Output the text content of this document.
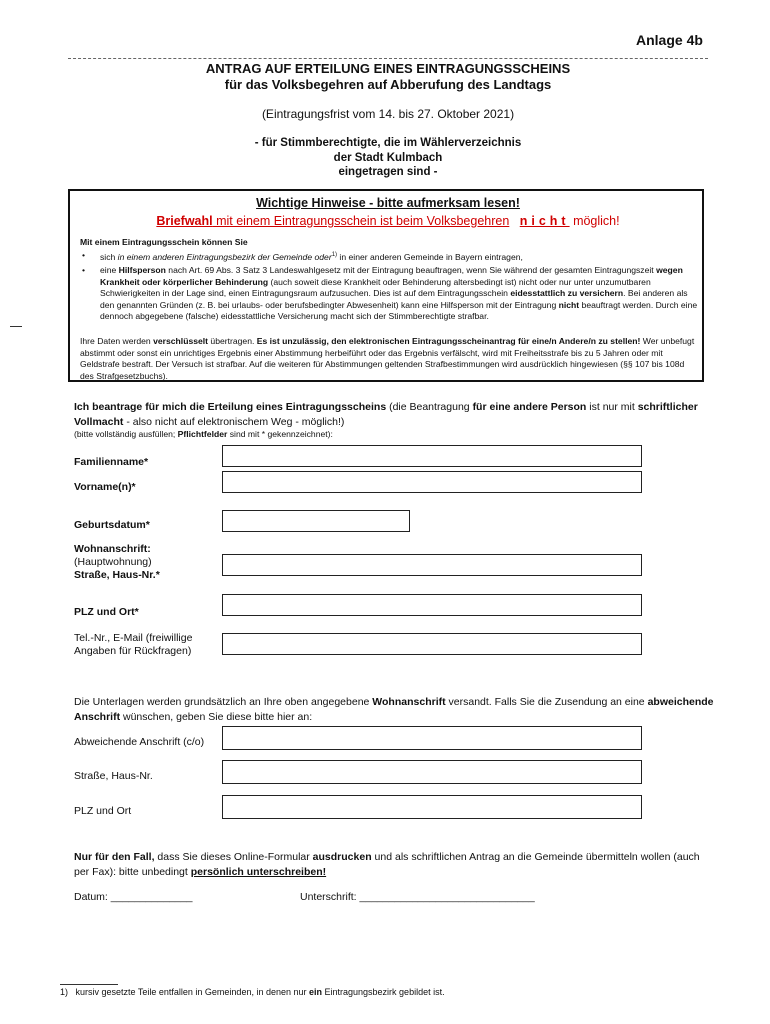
Anlage 4b
ANTRAG AUF ERTEILUNG EINES EINTRAGUNGSSCHEINS
für das Volksbegehren auf Abberufung des Landtags
(Eintragungsfrist vom 14. bis 27. Oktober 2021)
- für Stimmberechtigte, die im Wählerverzeichnis
der Stadt Kulmbach
eingetragen sind -
Wichtige Hinweise - bitte aufmerksam lesen!
Briefwahl mit einem Eintragungsschein ist beim Volksbegehren nicht möglich!
Mit einem Eintragungsschein können Sie
• sich in einem anderen Eintragungsbezirk der Gemeinde oder$^{1)}$ in einer anderen Gemeinde in Bayern eintragen,
• eine Hilfsperson nach Art. 69 Abs. 3 Satz 3 Landeswahlgesetz mit der Eintragung beauftragen, wenn Sie während der gesamten Eintragungszeit wegen Krankheit oder körperlicher Behinderung (auch soweit diese Krankheit oder Behinderung altersbedingt ist) nicht oder nur unter unzumutbaren Schwierigkeiten in der Lage sind, einen Eintragungsraum aufzusuchen. Dies ist auf dem Eintragungsschein eidesstattlich zu versichern. Bei anderen als den genannten Gründen (z. B. bei urlaubs- oder berufsbedingter Abwesenheit) kann eine Hilfsperson mit der Eintragung nicht beauftragt werden. Durch eine dennoch abgegebene (falsche) eidesstattliche Versicherung macht sich der Stimmberechtigte strafbar.
Ihre Daten werden verschlüsselt übertragen. Es ist unzulässig, den elektronischen Eintragungsscheinantrag für eine/n Andere/n zu stellen! Wer unbefugt abstimmt oder sonst ein unrichtiges Ergebnis einer Abstimmung herbeiführt oder das Ergebnis verfälscht, wird mit Freiheitsstrafe bis zu 5 Jahren oder mit Geldstrafe bestraft. Der Versuch ist strafbar. Auf die weiteren für Abstimmungen geltenden Strafbestimmungen wird ausdrücklich hingewiesen (§§ 107 bis 108d des Strafgesetzbuchs).
Ich beantrage für mich die Erteilung eines Eintragungsscheins (die Beantragung für eine andere Person ist nur mit schriftlicher Vollmacht - also nicht auf elektronischem Weg - möglich!)
(bitte vollständig ausfüllen; Pflichtfelder sind mit * gekennzeichnet):
Familienname*
Vorname(n)*
Geburtsdatum*
Wohnanschrift:
(Hauptwohnung)
Straße, Haus-Nr.*
PLZ und Ort*
Tel.-Nr., E-Mail (freiwillige
Angaben für Rückfragen)
Die Unterlagen werden grundsätzlich an Ihre oben angegebene Wohnanschrift versandt. Falls Sie die Zusendung an eine abweichende Anschrift wünschen, geben Sie diese bitte hier an:
Abweichende Anschrift (c/o)
Straße, Haus-Nr.
PLZ und Ort
Nur für den Fall, dass Sie dieses Online-Formular ausdrucken und als schriftlichen Antrag an die Gemeinde übermitteln wollen (auch per Fax): bitte unbedingt persönlich unterschreiben!
Datum: ______________	Unterschrift: ______________________________
1)   kursiv gesetzte Teile entfallen in Gemeinden, in denen nur ein Eintragungsbezirk gebildet ist.
